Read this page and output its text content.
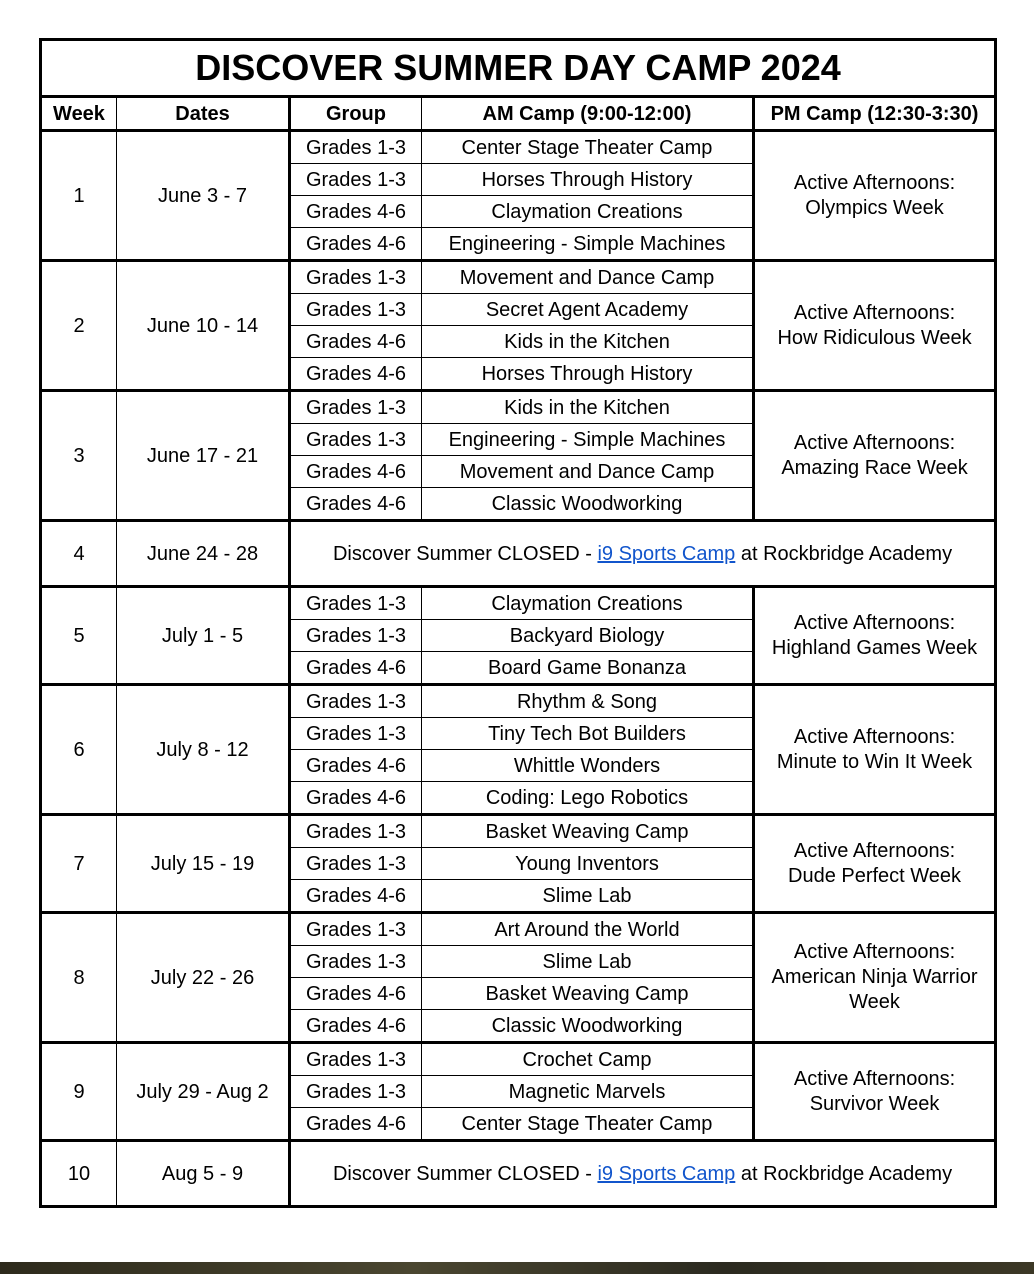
DISCOVER SUMMER DAY CAMP 2024				
Week	Dates	Group	AM Camp (9:00-12:00)	PM Camp (12:30-3:30)
1	June 3 - 7	Grades 1-3	Center Stage Theater Camp	Active Afternoons:
Olympics Week

		Grades 1-3	Horses Through History	
		Grades 4-6	Claymation Creations	
		Grades 4-6	Engineering - Simple Machines	
2	June 10 - 14	Grades 1-3	Movement and Dance Camp	Active Afternoons:
How Ridiculous Week

		Grades 1-3	Secret Agent Academy	
		Grades 4-6	Kids in the Kitchen	
		Grades 4-6	Horses Through History	
3	June 17 - 21	Grades 1-3	Kids in the Kitchen	Active Afternoons:
Amazing Race Week

		Grades 1-3	Engineering - Simple Machines	
		Grades 4-6	Movement and Dance Camp	
		Grades 4-6	Classic Woodworking	
4	June 24 - 28	Discover Summer CLOSED - i9 Sports Camp at Rockbridge Academy		
5	July 1 - 5	Grades 1-3	Claymation Creations	Active Afternoons:
Highland Games Week

		Grades 1-3	Backyard Biology	
		Grades 4-6	Board Game Bonanza	
6	July 8 - 12	Grades 1-3	Rhythm & Song	Active Afternoons:
Minute to Win It Week

		Grades 1-3	Tiny Tech Bot Builders	
		Grades 4-6	Whittle Wonders	
		Grades 4-6	Coding: Lego Robotics	
7	July 15 - 19	Grades 1-3	Basket Weaving Camp	Active Afternoons:
Dude Perfect Week

		Grades 1-3	Young Inventors	
		Grades 4-6	Slime Lab	
8	July 22 - 26	Grades 1-3	Art Around the World	Active Afternoons:
American Ninja Warrior
Week

		Grades 1-3	Slime Lab	
		Grades 4-6	Basket Weaving Camp	
		Grades 4-6	Classic Woodworking	
9	July 29 - Aug 2	Grades 1-3	Crochet Camp	Active Afternoons:
Survivor Week

		Grades 1-3	Magnetic Marvels	
		Grades 4-6	Center Stage Theater Camp	
10	Aug 5 - 9	Discover Summer CLOSED - i9 Sports Camp at Rockbridge Academy		
